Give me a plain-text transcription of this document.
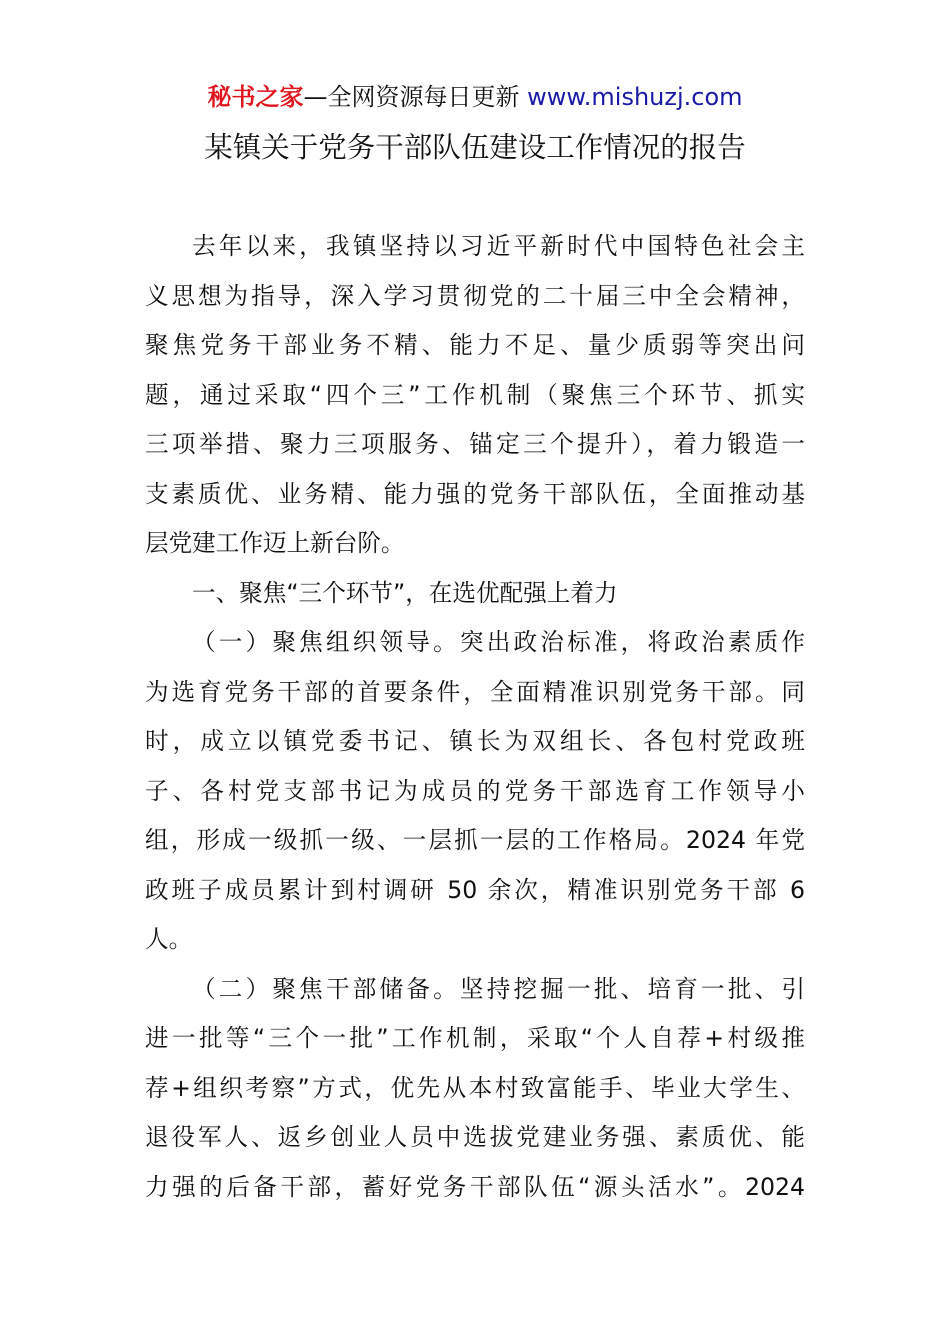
秘书之家—全网资源每日更新 www.mishuzj.com
某镇关于党务干部队伍建设工作情况的报告
去年以来，我镇坚持以习近平新时代中国特色社会主
义思想为指导，深入学习贯彻党的二十届三中全会精神，
聚焦党务干部业务不精、能力不足、量少质弱等突出问
题，通过采取“四个三”工作机制（聚焦三个环节、抓实
三项举措、聚力三项服务、锚定三个提升），着力锻造一
支素质优、业务精、能力强的党务干部队伍，全面推动基
层党建工作迈上新台阶。
一、聚焦“三个环节”，在选优配强上着力
（一）聚焦组织领导。突出政治标准，将政治素质作
为选育党务干部的首要条件，全面精准识别党务干部。同
时，成立以镇党委书记、镇长为双组长、各包村党政班
子、各村党支部书记为成员的党务干部选育工作领导小
组，形成一级抓一级、一层抓一层的工作格局。2024 年党
政班子成员累计到村调研 50 余次，精准识别党务干部 6
人。
（二）聚焦干部储备。坚持挖掘一批、培育一批、引
进一批等“三个一批”工作机制，采取“个人自荐+村级推
荐+组织考察”方式，优先从本村致富能手、毕业大学生、
退役军人、返乡创业人员中选拔党建业务强、素质优、能
力强的后备干部，蓄好党务干部队伍“源头活水”。2024
